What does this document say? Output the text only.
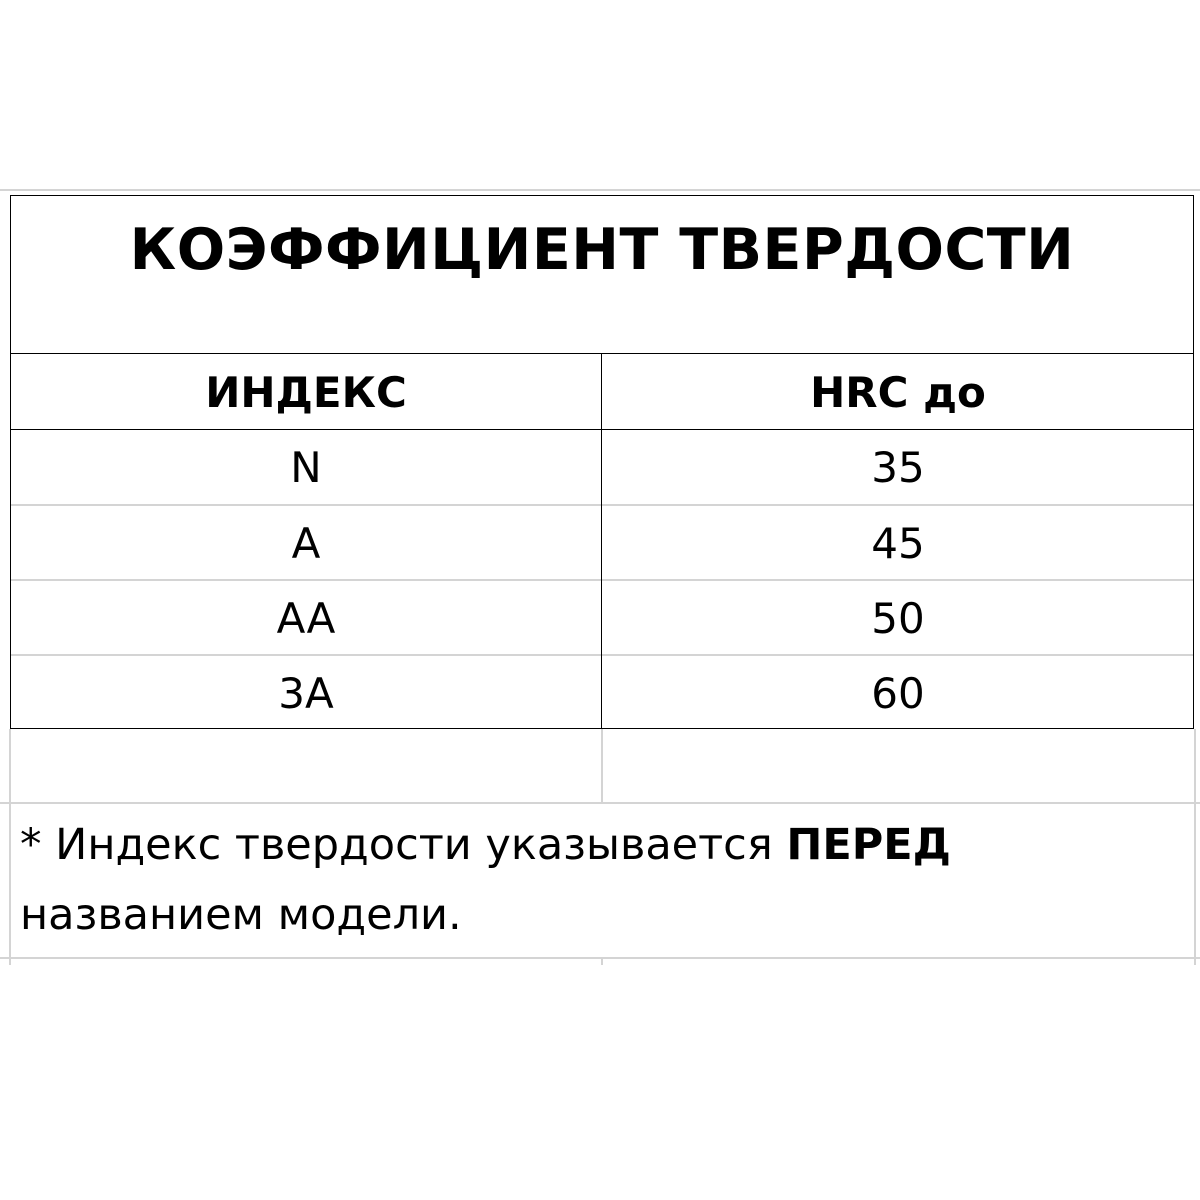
КОЭФФИЦИЕНТ ТВЕРДОСТИ
ИНДЕКС	HRC до
N	35
A	45
AA	50
3A	60
* Индекс твердости указывается ПЕРЕД названием модели.
